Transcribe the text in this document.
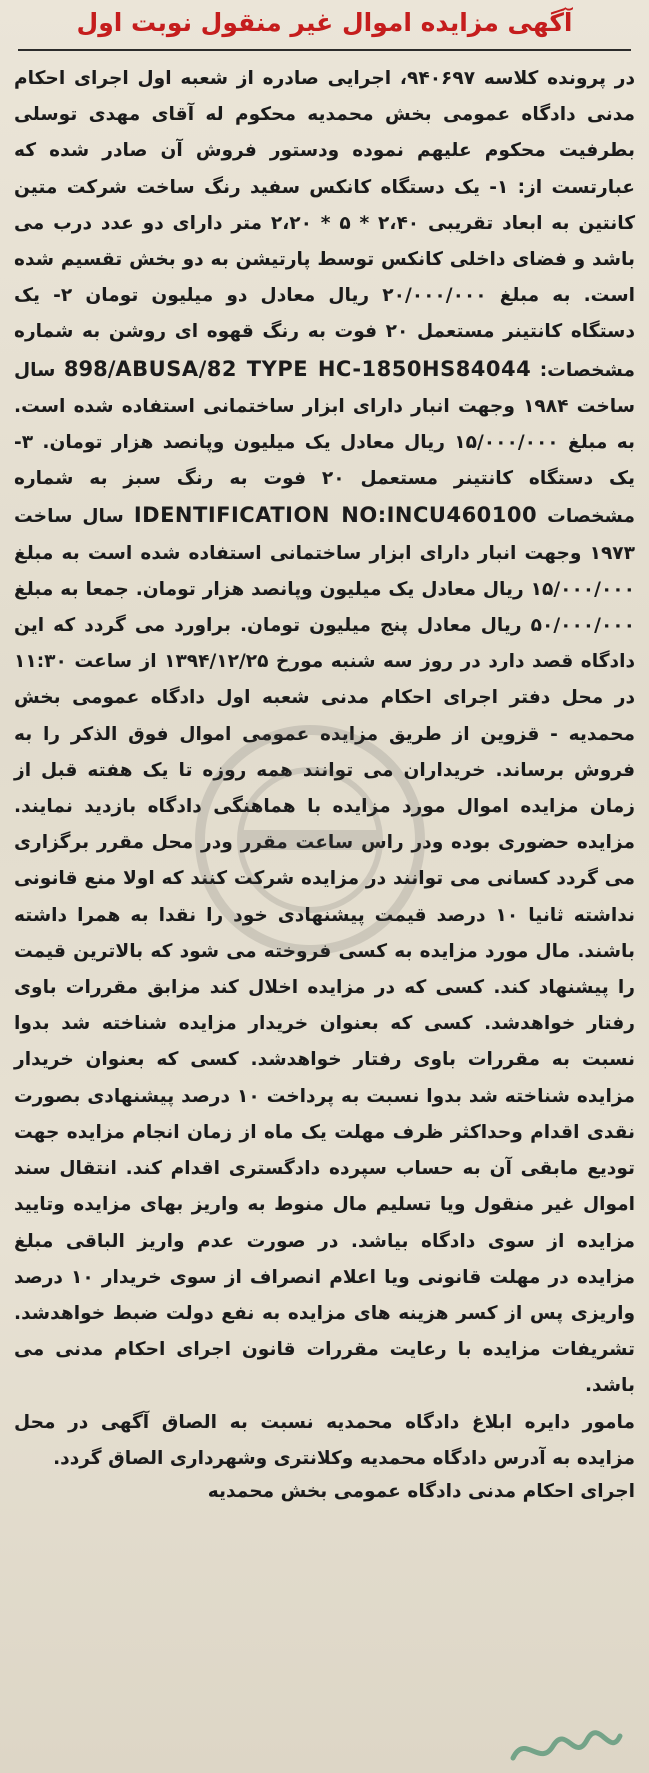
آگهی مزایده اموال غیر منقول نوبت اول

در پرونده کلاسه ۹۴۰۶۹۷، اجرایی صادره از شعبه اول اجرای احکام مدنی دادگاه عمومی بخش محمدیه محکوم له آقای مهدی توسلی بطرفیت محکوم علیهم نموده ودستور فروش آن صادر شده که عبارتست از: ۱- یک دستگاه کانکس سفید رنگ ساخت شرکت متین کانتین به ابعاد تقریبی ۲،۴۰ * ۵ * ۲،۲۰ متر دارای دو عدد درب می باشد و فضای داخلی کانکس توسط پارتیشن به دو بخش تقسیم شده است. به مبلغ ۲۰/۰۰۰/۰۰۰ ریال معادل دو میلیون تومان ۲- یک دستگاه کانتینر مستعمل ۲۰ فوت به رنگ قهوه ای روشن به شماره مشخصات: 898/ABUSA/82 TYPE HC-1850HS84044 سال ساخت ۱۹۸۴ وجهت انبار دارای ابزار ساختمانی استفاده شده است. به مبلغ ۱۵/۰۰۰/۰۰۰ ریال معادل یک میلیون وپانصد هزار تومان. ۳- یک دستگاه کانتینر مستعمل ۲۰ فوت به رنگ سبز به شماره مشخصات IDENTIFICATION NO:INCU460100 سال ساخت ۱۹۷۳ وجهت انبار دارای ابزار ساختمانی استفاده شده است به مبلغ ۱۵/۰۰۰/۰۰۰ ریال معادل یک میلیون وپانصد هزار تومان. جمعا به مبلغ ۵۰/۰۰۰/۰۰۰ ریال معادل پنج میلیون تومان. براورد می گردد که این دادگاه قصد دارد در روز سه شنبه مورخ ۱۳۹۴/۱۲/۲۵ از ساعت ۱۱:۳۰ در محل دفتر اجرای احکام مدنی شعبه اول دادگاه عمومی بخش محمدیه - قزوین از طریق مزایده عمومی اموال فوق الذکر را به فروش برساند. خریداران می توانند همه روزه تا یک هفته قبل از زمان مزایده اموال مورد مزایده با هماهنگی دادگاه بازدید نمایند. مزایده حضوری بوده ودر راس ساعت مقرر ودر محل مقرر برگزاری می گردد کسانی می توانند در مزایده شرکت کنند که اولا منع قانونی نداشته ثانیا ۱۰ درصد قیمت پیشنهادی خود را نقدا به همرا داشته باشند. مال مورد مزایده به کسی فروخته می شود که بالاترین قیمت را پیشنهاد کند. کسی که در مزایده اخلال کند مزابق مقررات باوی رفتار خواهدشد. کسی که بعنوان خریدار مزایده شناخته شد بدوا نسبت به مقررات باوی رفتار خواهدشد. کسی که بعنوان خریدار مزایده شناخته شد بدوا نسبت به پرداخت ۱۰ درصد پیشنهادی بصورت نقدی اقدام وحداکثر ظرف مهلت یک ماه از زمان انجام مزایده جهت تودیع مابقی آن به حساب سپرده دادگستری اقدام کند. انتقال سند اموال غیر منقول ویا تسلیم مال منوط به واریز بهای مزایده وتایید مزایده از سوی دادگاه بیاشد. در صورت عدم واریز الباقی مبلغ مزایده در مهلت قانونی ویا اعلام انصراف از سوی خریدار ۱۰ درصد واریزی پس از کسر هزینه های مزایده به نفع دولت ضبط خواهدشد. تشریفات مزایده با رعایت مقررات قانون اجرای احکام مدنی می باشد.

مامور دایره ابلاغ دادگاه محمدیه نسبت به الصاق آگهی در محل مزایده به آدرس دادگاه محمدیه وکلانتری وشهرداری الصاق گردد.

اجرای احکام مدنی دادگاه عمومی بخش محمدیه
